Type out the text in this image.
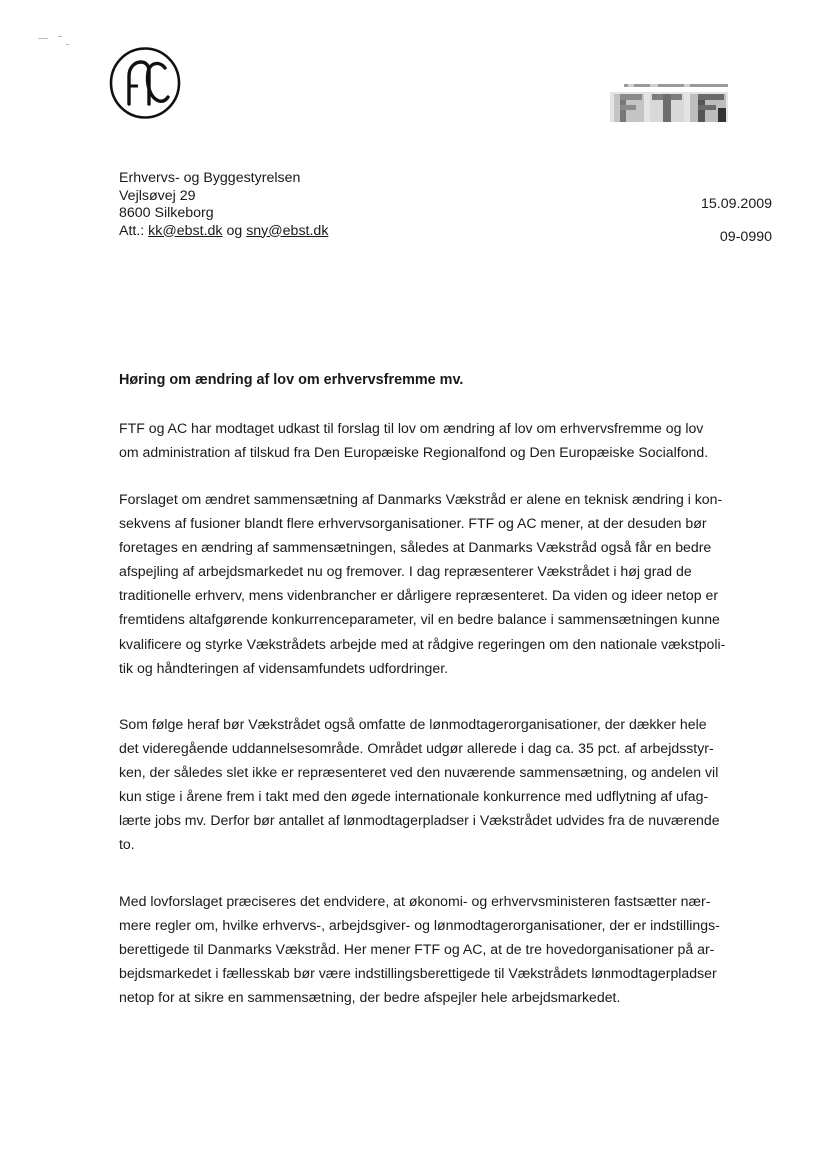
Erhvervs- og Byggestyrelsen
Vejlsøvej 29
8600 Silkeborg
Att.: kk@ebst.dk og sny@ebst.dk
15.09.2009
09-0990
Høring om ændring af lov om erhvervsfremme mv.

FTF og AC har modtaget udkast til forslag til lov om ændring af lov om erhvervsfremme og lov
om administration af tilskud fra Den Europæiske Regionalfond og Den Europæiske Socialfond.

Forslaget om ændret sammensætning af Danmarks Vækstråd er alene en teknisk ændring i kon-
sekvens af fusioner blandt flere erhvervsorganisationer. FTF og AC mener, at der desuden bør
foretages en ændring af sammensætningen, således at Danmarks Vækstråd også får en bedre
afspejling af arbejdsmarkedet nu og fremover. I dag repræsenterer Vækstrådet i høj grad de
traditionelle erhverv, mens videnbrancher er dårligere repræsenteret. Da viden og ideer netop er
fremtidens altafgørende konkurrenceparameter, vil en bedre balance i sammensætningen kunne
kvalificere og styrke Vækstrådets arbejde med at rådgive regeringen om den nationale vækstpoli-
tik og håndteringen af vidensamfundets udfordringer.

Som følge heraf bør Vækstrådet også omfatte de lønmodtagerorganisationer, der dækker hele
det videregående uddannelsesområde. Området udgør allerede i dag ca. 35 pct. af arbejdsstyr-
ken, der således slet ikke er repræsenteret ved den nuværende sammensætning, og andelen vil
kun stige i årene frem i takt med den øgede internationale konkurrence med udflytning af ufag-
lærte jobs mv. Derfor bør antallet af lønmodtagerpladser i Vækstrådet udvides fra de nuværende
to.

Med lovforslaget præciseres det endvidere, at økonomi- og erhvervsministeren fastsætter nær-
mere regler om, hvilke erhvervs-, arbejdsgiver- og lønmodtagerorganisationer, der er indstillings-
berettigede til Danmarks Vækstråd. Her mener FTF og AC, at de tre hovedorganisationer på ar-
bejdsmarkedet i fællesskab bør være indstillingsberettigede til Vækstrådets lønmodtagerpladser
netop for at sikre en sammensætning, der bedre afspejler hele arbejdsmarkedet.
